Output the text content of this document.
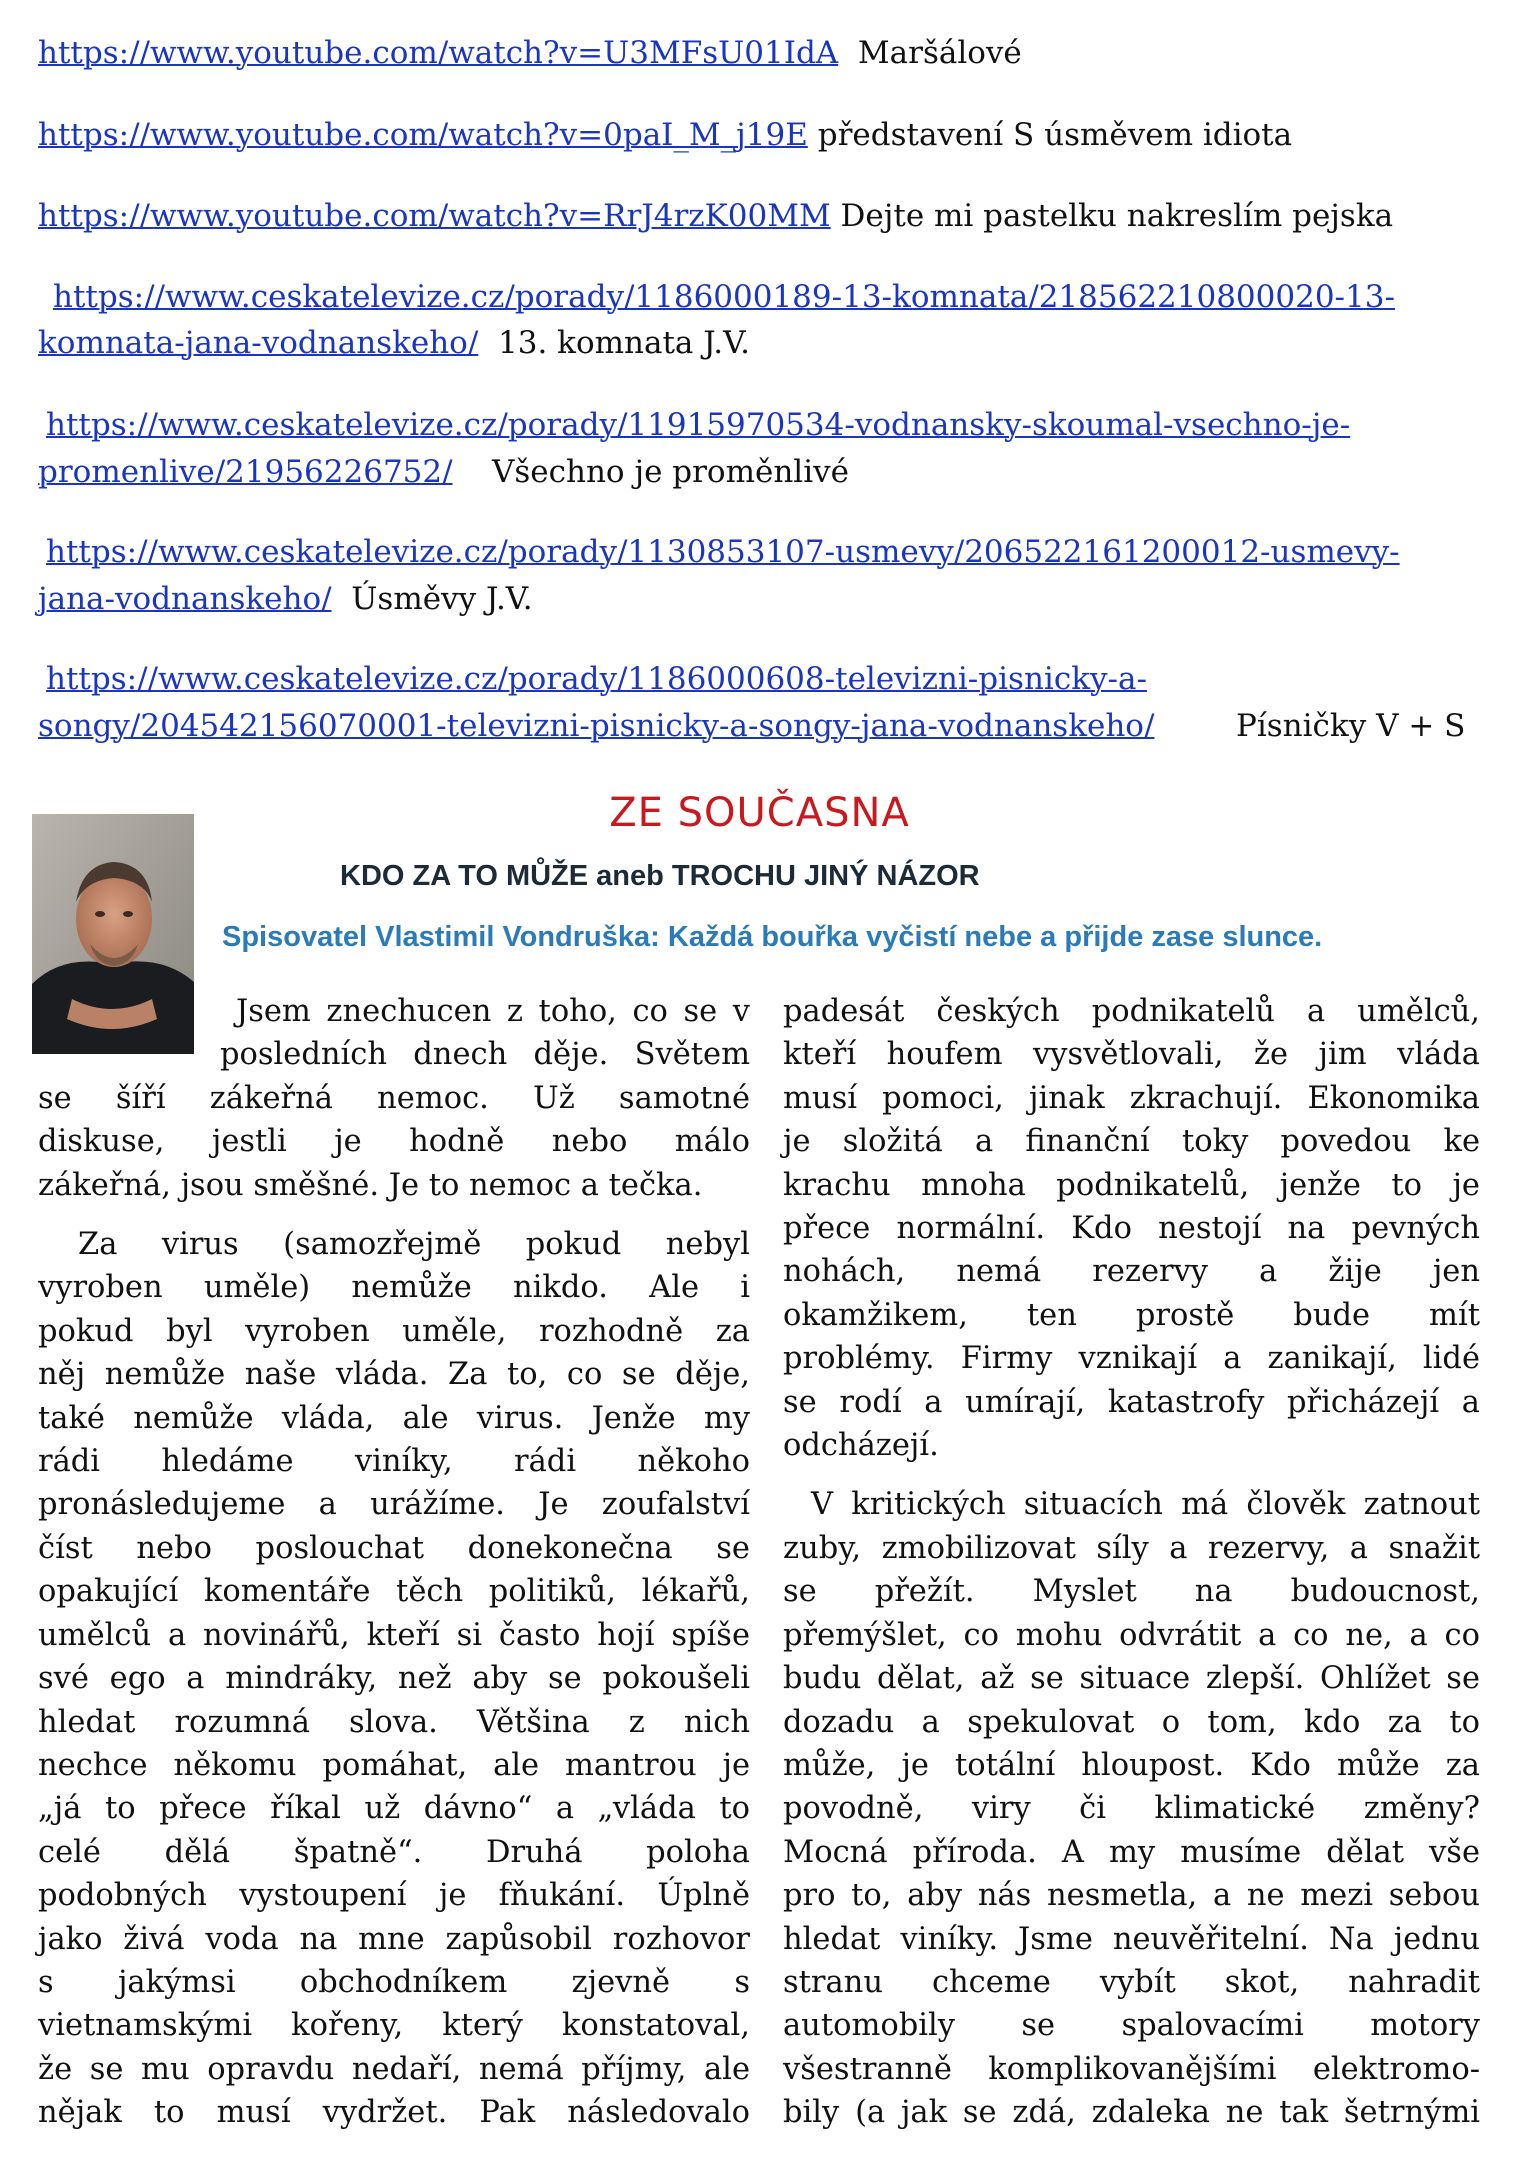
https://www.youtube.com/watch?v=U3MFsU01IdA Maršálové
https://www.youtube.com/watch?v=0paI_M_j19E představení S úsměvem idiota
https://www.youtube.com/watch?v=RrJ4rzK00MM Dejte mi pastelku nakreslím pejska
https://www.ceskatelevize.cz/porady/1186000189-13-komnata/218562210800020-13-
komnata-jana-vodnanskeho/ 13. komnata J.V.
https://www.ceskatelevize.cz/porady/11915970534-vodnansky-skoumal-vsechno-je-
promenlive/21956226752/ Všechno je proměnlivé
https://www.ceskatelevize.cz/porady/1130853107-usmevy/206522161200012-usmevy-
jana-vodnanskeho/ Úsměvy J.V.
https://www.ceskatelevize.cz/porady/1186000608-televizni-pisnicky-a-
songy/204542156070001-televizni-pisnicky-a-songy-jana-vodnanskeho/	Písničky V + S
ZE SOUČASNA
KDO ZA TO MŮŽE aneb TROCHU JINÝ NÁZOR
Spisovatel Vlastimil Vondruška: Každá bouřka vyčistí nebe a přijde zase slunce.

Jsem znechucen z toho, co se v
posledních dnech děje. Světem
se šíří zákeřná nemoc. Už samotné
diskuse, jestli je hodně nebo málo
zákeřná, jsou směšné. Je to nemoc a tečka.

Za virus (samozřejmě pokud nebyl
vyroben uměle) nemůže nikdo. Ale i
pokud byl vyroben uměle, rozhodně za
něj nemůže naše vláda. Za to, co se děje,
také nemůže vláda, ale virus. Jenže my
rádi hledáme viníky, rádi někoho
pronásledujeme a urážíme. Je zoufalství
číst nebo poslouchat donekonečna se
opakující komentáře těch politiků, lékařů,
umělců a novinářů, kteří si často hojí spíše
své ego a mindráky, než aby se pokoušeli
hledat rozumná slova. Většina z nich
nechce někomu pomáhat, ale mantrou je
„já to přece říkal už dávno“ a „vláda to
celé dělá špatně“. Druhá poloha
podobných vystoupení je fňukání. Úplně
jako živá voda na mne zapůsobil rozhovor
s jakýmsi obchodníkem zjevně s
vietnamskými kořeny, který konstatoval,
že se mu opravdu nedaří, nemá příjmy, ale
nějak to musí vydržet. Pak následovalo

padesát českých podnikatelů a umělců,
kteří houfem vysvětlovali, že jim vláda
musí pomoci, jinak zkrachují. Ekonomika
je složitá a finanční toky povedou ke
krachu mnoha podnikatelů, jenže to je
přece normální. Kdo nestojí na pevných
nohách, nemá rezervy a žije jen
okamžikem, ten prostě bude mít
problémy. Firmy vznikají a zanikají, lidé
se rodí a umírají, katastrofy přicházejí a
odcházejí.

V kritických situacích má člověk zatnout
zuby, zmobilizovat síly a rezervy, a snažit
se přežít. Myslet na budoucnost,
přemýšlet, co mohu odvrátit a co ne, a co
budu dělat, až se situace zlepší. Ohlížet se
dozadu a spekulovat o tom, kdo za to
může, je totální hloupost. Kdo může za
povodně, viry či klimatické změny?
Mocná příroda. A my musíme dělat vše
pro to, aby nás nesmetla, a ne mezi sebou
hledat viníky. Jsme neuvěřitelní. Na jednu
stranu chceme vybít skot, nahradit
automobily se spalovacími motory
všestranně komplikovanějšími elektromo-
bily (a jak se zdá, zdaleka ne tak šetrnými
